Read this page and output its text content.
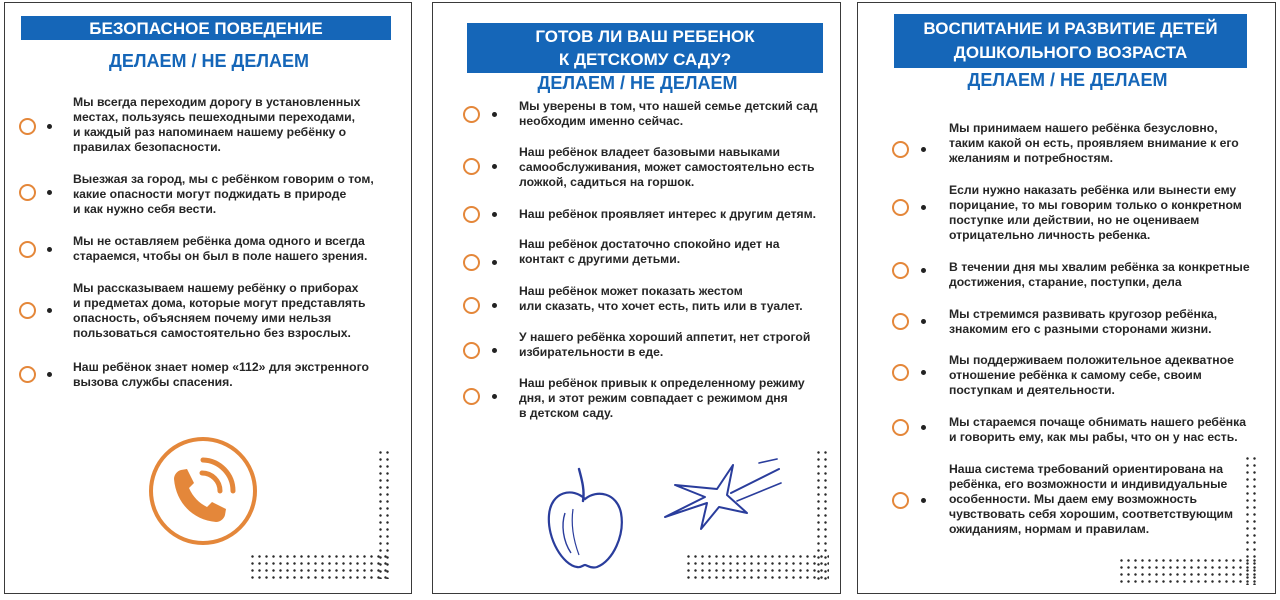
БЕЗОПАСНОЕ ПОВЕДЕНИЕ
ДЕЛАЕМ / НЕ ДЕЛАЕМ
Мы всегда переходим дорогу в установленных
местах, пользуясь пешеходными переходами,
и каждый раз напоминаем нашему ребёнку о
правилах безопасности.
Выезжая за город, мы с ребёнком говорим о том,
какие опасности могут поджидать в природе
и как нужно себя вести.
Мы не оставляем ребёнка дома одного и всегда
стараемся, чтобы он был в поле нашего зрения.
Мы рассказываем нашему ребёнку о приборах
и предметах дома, которые могут представлять
опасность, объясняем почему ими нельзя
пользоваться самостоятельно без взрослых.
Наш ребёнок знает номер «112» для экстренного
вызова службы спасения.
ГОТОВ ЛИ ВАШ РЕБЕНОК
К ДЕТСКОМУ САДУ?
ДЕЛАЕМ / НЕ ДЕЛАЕМ
Мы уверены в том, что нашей семье детский сад
необходим именно сейчас.
Наш ребёнок владеет базовыми навыками
самообслуживания, может самостоятельно есть
ложкой, садиться на горшок.
Наш ребёнок проявляет интерес к другим детям.
Наш ребёнок достаточно спокойно идет на
контакт с другими детьми.
Наш ребёнок может показать жестом
или сказать, что хочет есть, пить или в туалет.
У нашего ребёнка хороший аппетит, нет строгой
избирательности в еде.
Наш ребёнок привык к определенному режиму
дня, и этот режим совпадает с режимом дня
в детском саду.
ВОСПИТАНИЕ И РАЗВИТИЕ ДЕТЕЙ
ДОШКОЛЬНОГО ВОЗРАСТА
ДЕЛАЕМ / НЕ ДЕЛАЕМ
Мы принимаем нашего ребёнка безусловно,
таким какой он есть, проявляем внимание к его
желаниям и потребностям.
Если нужно наказать ребёнка или вынести ему
порицание, то мы говорим только о конкретном
поступке или действии, но не оцениваем
отрицательно личность ребенка.
В течении дня мы хвалим ребёнка за конкретные
достижения, старание, поступки, дела
Мы стремимся развивать кругозор ребёнка,
знакомим его с разными сторонами жизни.
Мы поддерживаем положительное адекватное
отношение ребёнка к самому себе, своим
поступкам и деятельности.
Мы стараемся почаще обнимать нашего ребёнка
и говорить ему, как мы рабы, что он у нас есть.
Наша система требований ориентирована на
ребёнка, его возможности и индивидуальные
особенности. Мы даем ему возможность
чувствовать себя хорошим, соответствующим
ожиданиям, нормам и правилам.
